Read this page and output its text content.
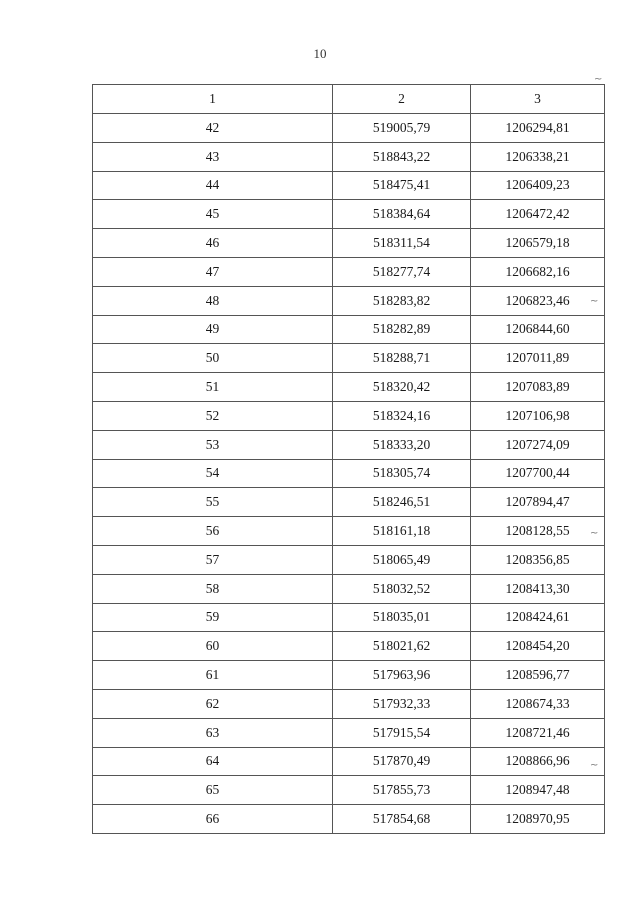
10
1	2	3
42	519005,79	1206294,81
43	518843,22	1206338,21
44	518475,41	1206409,23
45	518384,64	1206472,42
46	518311,54	1206579,18
47	518277,74	1206682,16
48	518283,82	1206823,46
49	518282,89	1206844,60
50	518288,71	1207011,89
51	518320,42	1207083,89
52	518324,16	1207106,98
53	518333,20	1207274,09
54	518305,74	1207700,44
55	518246,51	1207894,47
56	518161,18	1208128,55
57	518065,49	1208356,85
58	518032,52	1208413,30
59	518035,01	1208424,61
60	518021,62	1208454,20
61	517963,96	1208596,77
62	517932,33	1208674,33
63	517915,54	1208721,46
64	517870,49	1208866,96
65	517855,73	1208947,48
66	517854,68	1208970,95
~
~
~
~
